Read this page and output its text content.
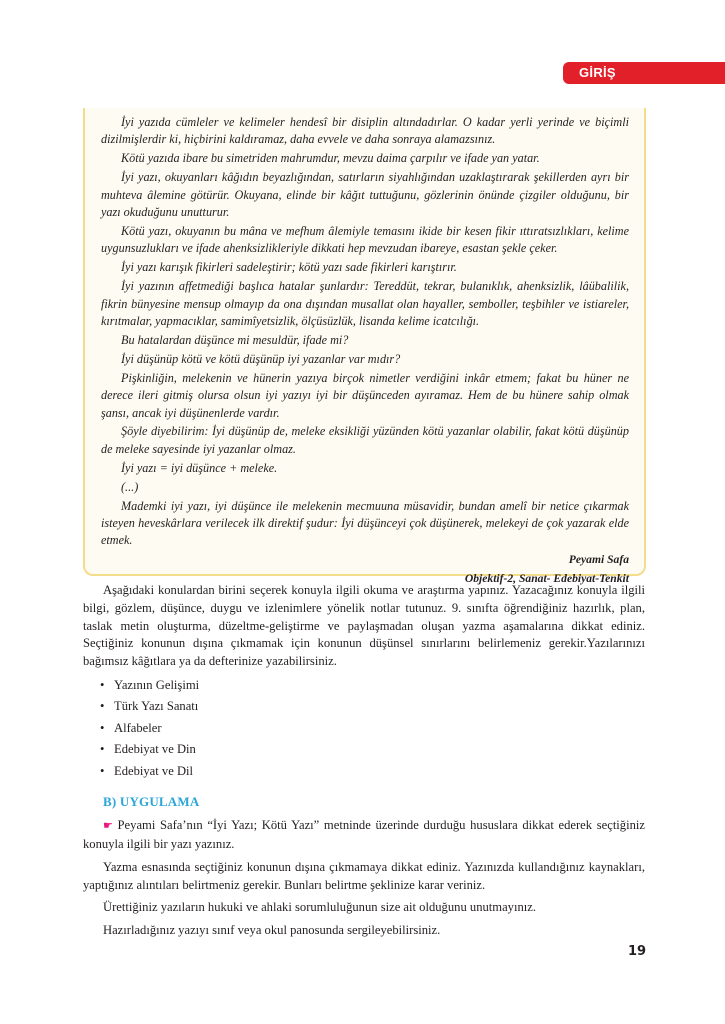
GİRİŞ

İyi yazıda cümleler ve kelimeler hendesî bir disiplin altındadırlar. O kadar yerli yerinde ve biçimli dizilmişlerdir ki, hiçbirini kaldıramaz, daha evvele ve daha sonraya alamazsınız.

Kötü yazıda ibare bu simetriden mahrumdur, mevzu daima çarpılır ve ifade yan yatar.

İyi yazı, okuyanları kâğıdın beyazlığından, satırların siyahlığından uzaklaştırarak şekillerden ayrı bir muhteva âlemine götürür. Okuyana, elinde bir kâğıt tuttuğunu, gözlerinin önünde çizgiler olduğunu, bir yazı okuduğunu unutturur.

Kötü yazı, okuyanın bu mâna ve mefhum âlemiyle temasını ikide bir kesen fikir ıttıratsızlıkları, kelime uygunsuzlukları ve ifade ahenksizlikleriyle dikkati hep mevzudan ibareye, esastan şekle çeker.

İyi yazı karışık fikirleri sadeleştirir; kötü yazı sade fikirleri karıştırır.

İyi yazının affetmediği başlıca hatalar şunlardır: Tereddüt, tekrar, bulanıklık, ahenksizlik, lâübalilik, fikrin bünyesine mensup olmayıp da ona dışından musallat olan hayaller, semboller, teşbihler ve istiareler, kırıtmalar, yapmacıklar, samimîyetsizlik, ölçüsüzlük, lisanda kelime icatcılığı.

Bu hatalardan düşünce mi mesuldür, ifade mi?

İyi düşünüp kötü ve kötü düşünüp iyi yazanlar var mıdır?

Pişkinliğin, melekenin ve hünerin yazıya birçok nimetler verdiğini inkâr etmem; fakat bu hüner ne derece ileri gitmiş olursa olsun iyi yazıyı iyi bir düşünceden ayıramaz. Hem de bu hünere sahip olmak şansı, ancak iyi düşünenlerde vardır.

Şöyle diyebilirim: İyi düşünüp de, meleke eksikliği yüzünden kötü yazanlar olabilir, fakat kötü düşünüp de meleke sayesinde iyi yazanlar olmaz.

İyi yazı = iyi düşünce + meleke.

(...)

Mademki iyi yazı, iyi düşünce ile melekenin mecmuuna müsavidir, bundan amelî bir netice çıkarmak isteyen heveskârlara verilecek ilk direktif şudur: İyi düşünceyi çok düşünerek, melekeyi de çok yazarak elde etmek.

Peyami Safa

Objektif-2, Sanat- Edebiyat-Tenkit

Aşağıdaki konulardan birini seçerek konuyla ilgili okuma ve araştırma yapınız. Yazacağınız konuyla ilgili bilgi, gözlem, düşünce, duygu ve izlenimlere yönelik notlar tutunuz. 9. sınıfta öğrendiğiniz hazırlık, plan, taslak metin oluşturma, düzeltme-geliştirme ve paylaşmadan oluşan yazma aşamalarına dikkat ediniz. Seçtiğiniz konunun dışına çıkmamak için konunun düşünsel sınırlarını belirlemeniz gerekir.Yazılarınızı bağımsız kâğıtlara ya da defterinize yazabilirsiniz.

• Yazının Gelişimi
• Türk Yazı Sanatı
• Alfabeler
• Edebiyat ve Din
• Edebiyat ve Dil
B) UYGULAMA

☛ Peyami Safa’nın “İyi Yazı; Kötü Yazı” metninde üzerinde durduğu hususlara dikkat ederek seçtiğiniz konuyla ilgili bir yazı yazınız.

Yazma esnasında seçtiğiniz konunun dışına çıkmamaya dikkat ediniz. Yazınızda kullandığınız kaynakları, yaptığınız alıntıları belirtmeniz gerekir. Bunları belirtme şeklinize karar veriniz.

Ürettiğiniz yazıların hukuki ve ahlaki sorumluluğunun size ait olduğunu unutmayınız.

Hazırladığınız yazıyı sınıf veya okul panosunda sergileyebilirsiniz.

19
